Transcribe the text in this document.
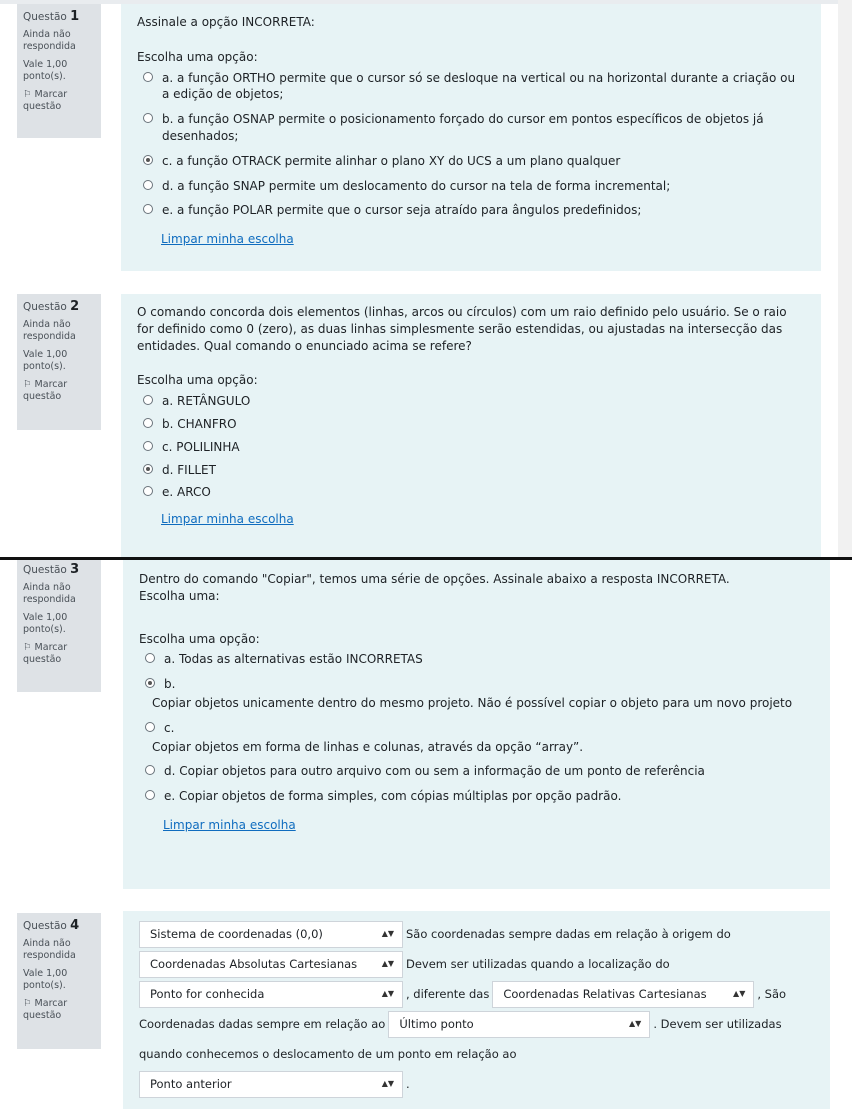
Questão 1
Ainda não respondida
Vale 1,00 ponto(s).
⚐ Marcar questão

Assinale a opção INCORRETA:

Escolha uma opção:
a. a função ORTHO permite que o cursor só se desloque na vertical ou na horizontal durante a criação ou a edição de objetos;
b. a função OSNAP permite o posicionamento forçado do cursor em pontos específicos de objetos já desenhados;
c. a função OTRACK permite alinhar o plano XY do UCS a um plano qualquer
d. a função SNAP permite um deslocamento do cursor na tela de forma incremental;
e. a função POLAR permite que o cursor seja atraído para ângulos predefinidos;
Limpar minha escolha
Questão 2
Ainda não respondida
Vale 1,00 ponto(s).
⚐ Marcar questão

O comando concorda dois elementos (linhas, arcos ou círculos) com um raio definido pelo usuário. Se o raio for definido como 0 (zero), as duas linhas simplesmente serão estendidas, ou ajustadas na intersecção das entidades. Qual comando o enunciado acima se refere?

Escolha uma opção:
a. RETÂNGULO
b. CHANFRO
c. POLILINHA
d. FILLET
e. ARCO
Limpar minha escolha
Questão 3
Ainda não respondida
Vale 1,00 ponto(s).
⚐ Marcar questão

Dentro do comando "Copiar", temos uma série de opções. Assinale abaixo a resposta INCORRETA.

Escolha uma:

Escolha uma opção:
a. Todas as alternativas estão INCORRETAS
b.
Copiar objetos unicamente dentro do mesmo projeto. Não é possível copiar o objeto para um novo projeto
c.
Copiar objetos em forma de linhas e colunas, através da opção “array”.
d. Copiar objetos para outro arquivo com ou sem a informação de um ponto de referência
e. Copiar objetos de forma simples, com cópias múltiplas por opção padrão.
Limpar minha escolha
Questão 4
Ainda não respondida
Vale 1,00 ponto(s).
⚐ Marcar questão
Sistema de coordenadas (0,0)	▲▼ São coordenadas sempre dadas em relação à origem do
Coordenadas Absolutas Cartesianas	▲▼ Devem ser utilizadas quando a localização do
Ponto for conhecida	▲▼ , diferente das Coordenadas Relativas Cartesianas	▲▼ , São
Coordenadas dadas sempre em relação ao Último ponto	▲▼ . Devem ser utilizadas
quando conhecemos o deslocamento de um ponto em relação ao
Ponto anterior	▲▼ .
